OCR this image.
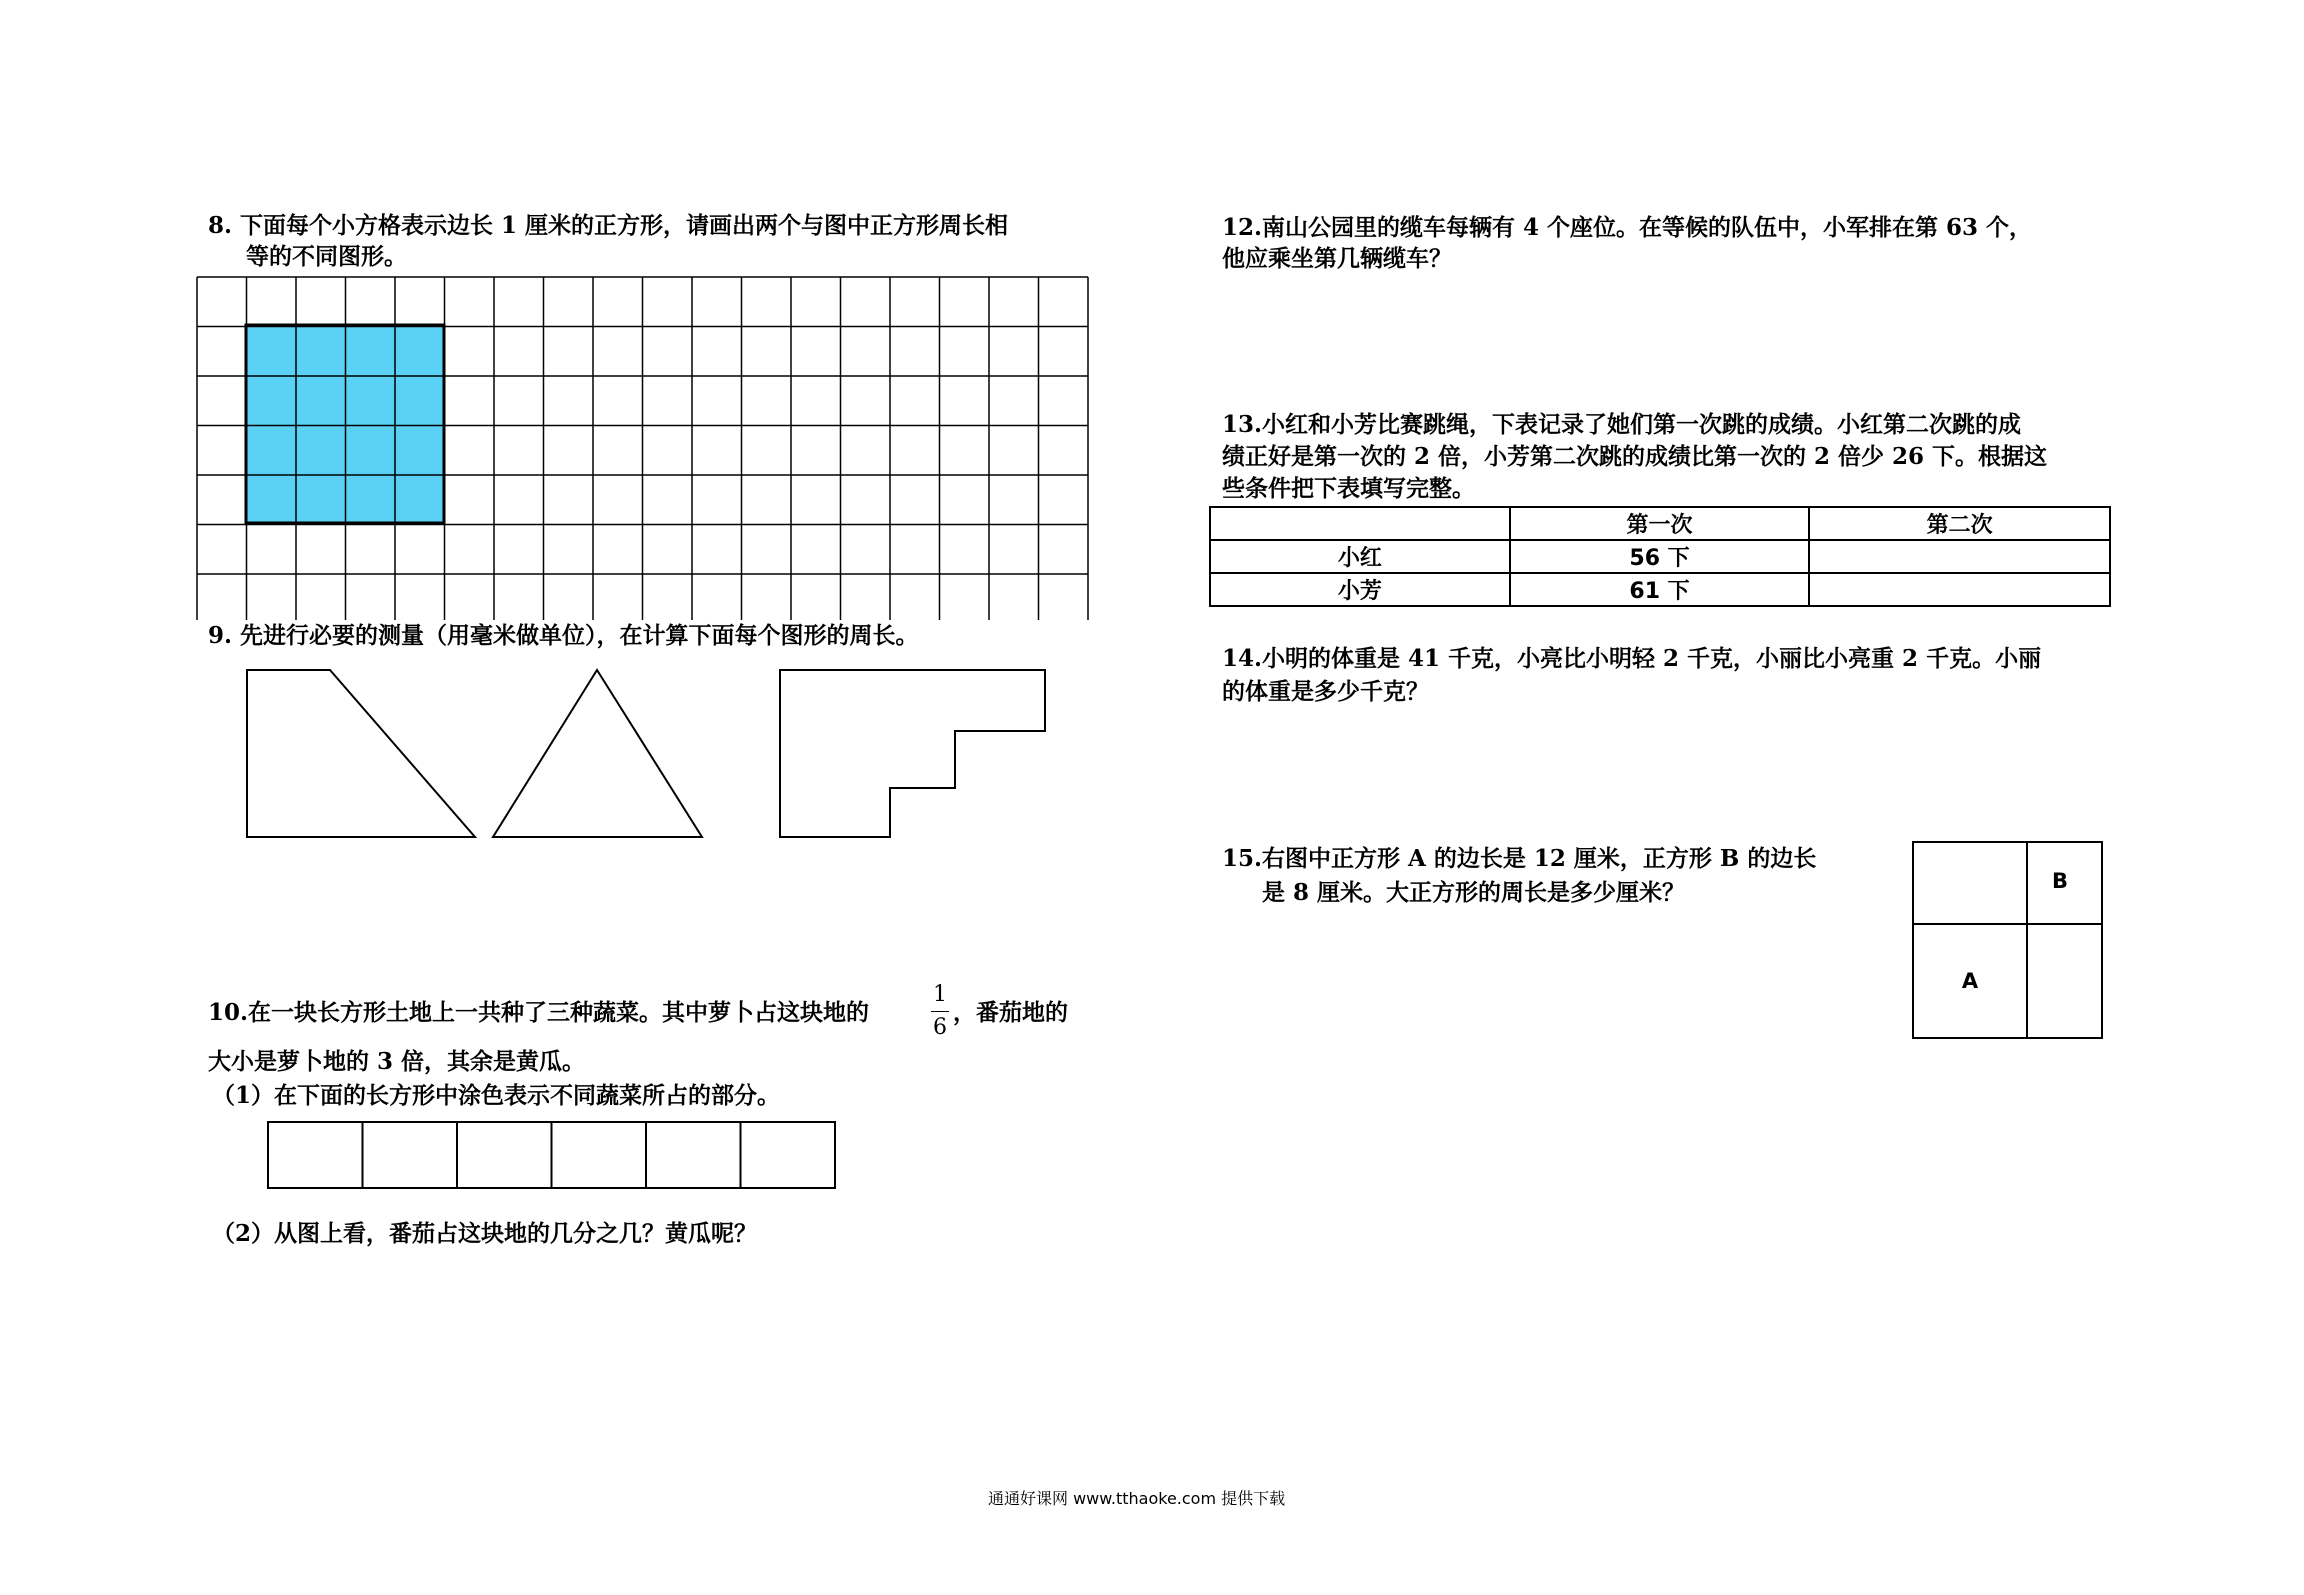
8. 下面每个小方格表示边长 1 厘米的正方形，请画出两个与图中正方形周长相
等的不同图形。
9. 先进行必要的测量（用毫米做单位），在计算下面每个图形的周长。
10.在一块长方形土地上一共种了三种蔬菜。其中萝卜占这块地的
1
6
，番茄地的
大小是萝卜地的 3 倍，其余是黄瓜。
（1）在下面的长方形中涂色表示不同蔬菜所占的部分。
（2）从图上看，番茄占这块地的几分之几？黄瓜呢？
12.南山公园里的缆车每辆有 4 个座位。在等候的队伍中，小军排在第 63 个，
他应乘坐第几辆缆车？
13.小红和小芳比赛跳绳，下表记录了她们第一次跳的成绩。小红第二次跳的成
绩正好是第一次的 2 倍，小芳第二次跳的成绩比第一次的 2 倍少 26 下。根据这
些条件把下表填写完整。
	第一次	第二次
小红	56 下	
小芳	61 下	
14.小明的体重是 41 千克，小亮比小明轻 2 千克，小丽比小亮重 2 千克。小丽
的体重是多少千克？
15.右图中正方形 A 的边长是 12 厘米，正方形 B 的边长
是 8 厘米。大正方形的周长是多少厘米？	B
A
通通好课网 www.tthaoke.com 提供下载
